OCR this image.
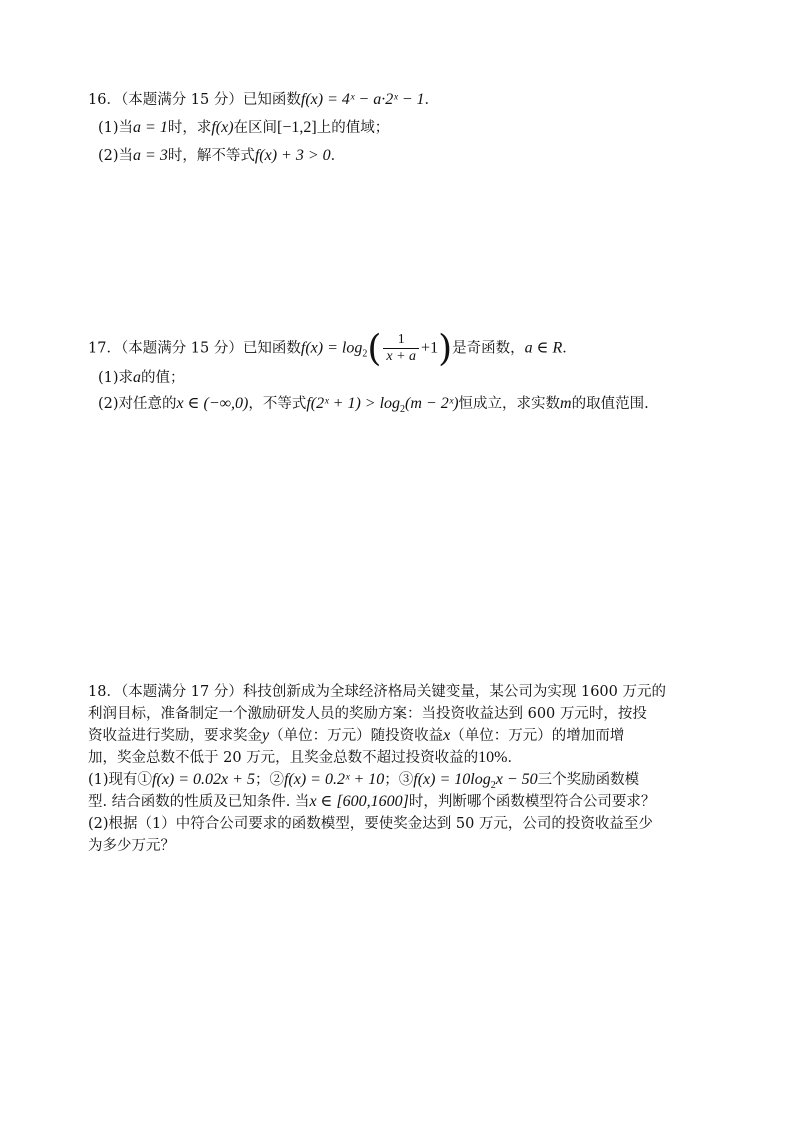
16．（本题满分 15 分）已知函数f(x) = 4ˣ − a·2ˣ − 1．
(1)当a = 1时，求f(x)在区间[−1,2]上的值域；
(2)当a = 3时，解不等式f(x) + 3 > 0．
17．（本题满分 15 分）已知函数$f(x) = \log_2( \frac{1}{x + a} +1)$是奇函数，a ∈ R．
(1)求a的值；
(2)对任意的x ∈ (−∞,0)，不等式f(2ˣ + $1) > \log_2(m$ − 2ˣ)恒成立，求实数m的取值范围.
18．（本题满分 17 分）科技创新成为全球经济格局关键变量，某公司为实现 1600 万元的
利润目标，准备制定一个激励研发人员的奖励方案：当投资收益达到 600 万元时，按投
资收益进行奖励，要求奖金y（单位：万元）随投资收益x（单位：万元）的增加而增
加，奖金总数不低于 20 万元，且奖金总数不超过投资收益的10%．
(1)现有①f(x) = 0.02x + 5；②f(x) = 0.2ˣ + 10；③f(x) = $10\log_2x - 50$三个奖励函数模
型. 结合函数的性质及已知条件. 当x ∈ [600,1600]时，判断哪个函数模型符合公司要求？
(2)根据（1）中符合公司要求的函数模型，要使奖金达到 50 万元，公司的投资收益至少
为多少万元？
